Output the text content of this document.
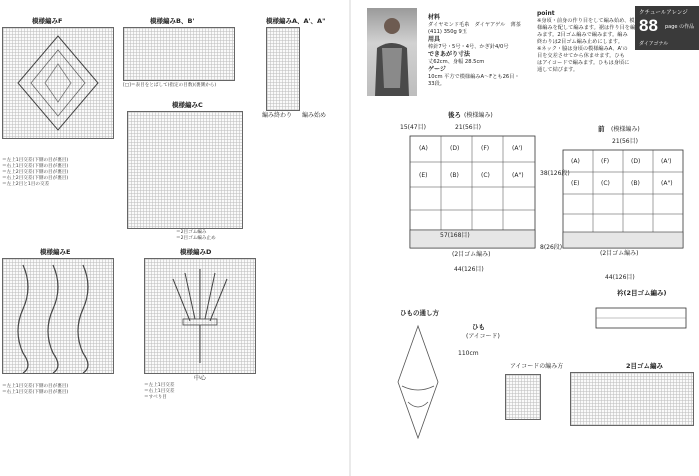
模様編みF
＝左上1目交差(下側の目が裏目)
＝右上1目交差(下側の目が裏目)
＝左上2目交差(下側の目が裏目)
＝右上2目交差(下側の目が裏目)
＝左上2目と1目の交差
模様編みB、B'
[□]＝表目をとばして(指定の目数)(裏側から)
模様編みA、A'、A"
編み終わり 編み始め
模様編みC
＝2目ゴム編み
＝2目ゴム編み止め
模様編みE
＝左上1目交差(下側の目が裏目)
＝右上1目交差(下側の目が裏目)
模様編みD
中心
＝左上1目交差
＝右上1目交差
＝すべり目
材料
ダイヤモンド毛糸　ダイヤアゲル　薄茶
(411) 350g 9玉
用具
棒針7号・5号・4号、かぎ針4/0号
できあがり寸法
丈62cm、身幅 28.5cm
ゲージ
10cm 平方で模様編みA〜Fとも26目・
33段。
point
※身頃・前身の作り目をして編み始め、模
様編みを配して編みます。裾は作り目を編
みます。2目ゴム編みで編みます。編み
終わりは2目ゴム編み止めにします。
※ネック・脇は身頃の模様編みA、A'の
目を交差させてから休ませます。ひも
はアイコードで編みます。ひもは身頃に
通して結びます。
クチュールアレンジ
88 page の作品
ダイアゴナル
後ろ (模様編み)
21(56目)
15(47目)
(A)	(D)	(F)	(A')
(E)	(B)	(C)	(A")
57(168目)
(2目ゴム編み)
44(126目)
38(126段)
8(26段)
前 (模様編み)
21(56目)
(A)	(F)	(D)	(A')
(E)	(C)	(B)	(A")
(2目ゴム編み)
44(126目)
ひもの通し方
ひも
(アイコード)
110cm
アイコードの編み方
衿(2目ゴム編み)
2目ゴム編み
